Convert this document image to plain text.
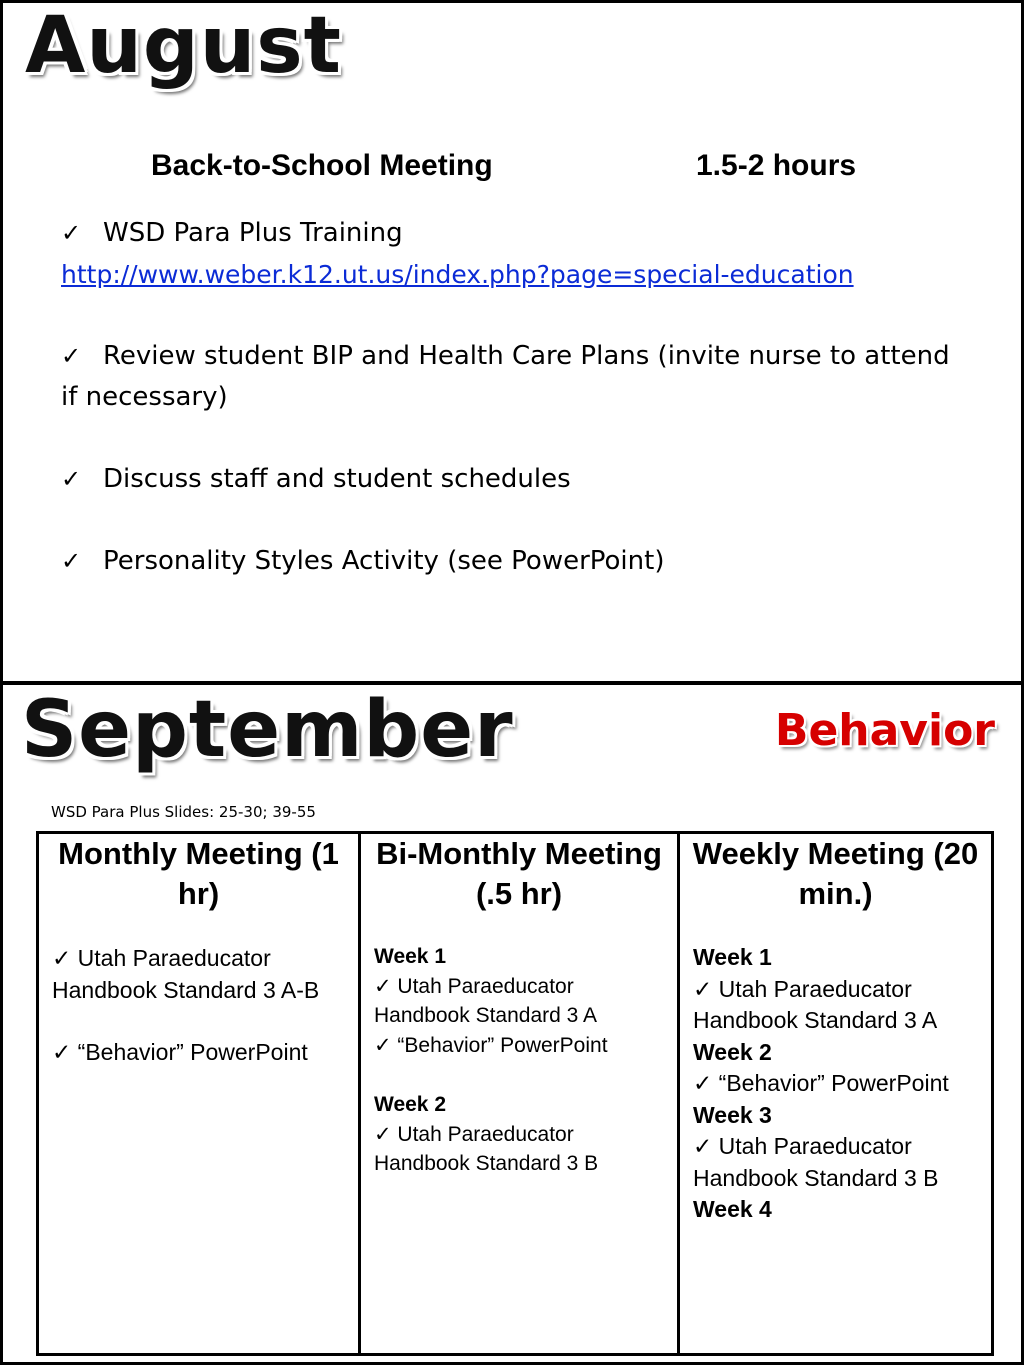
August
Back-to-School Meeting	1.5-2 hours
✓ WSD Para Plus Training
http://www.weber.k12.ut.us/index.php?page=special-education
✓ Review student BIP and Health Care Plans (invite nurse to attend if necessary)
✓ Discuss staff and student schedules
✓ Personality Styles Activity (see PowerPoint)
September	Behavior
WSD Para Plus Slides: 25-30; 39-55
Monthly Meeting (1 hr)
✓ Utah Paraeducator Handbook Standard 3 A-B
✓ “Behavior” PowerPoint
Bi-Monthly Meeting (.5 hr)
Week 1
✓ Utah Paraeducator Handbook Standard 3 A
✓ “Behavior” PowerPoint
Week 2
✓ Utah Paraeducator Handbook Standard 3 B
Weekly Meeting (20 min.)
Week 1
✓ Utah Paraeducator Handbook Standard 3 A
Week 2
✓ “Behavior” PowerPoint
Week 3
✓ Utah Paraeducator Handbook Standard 3 B
Week 4
